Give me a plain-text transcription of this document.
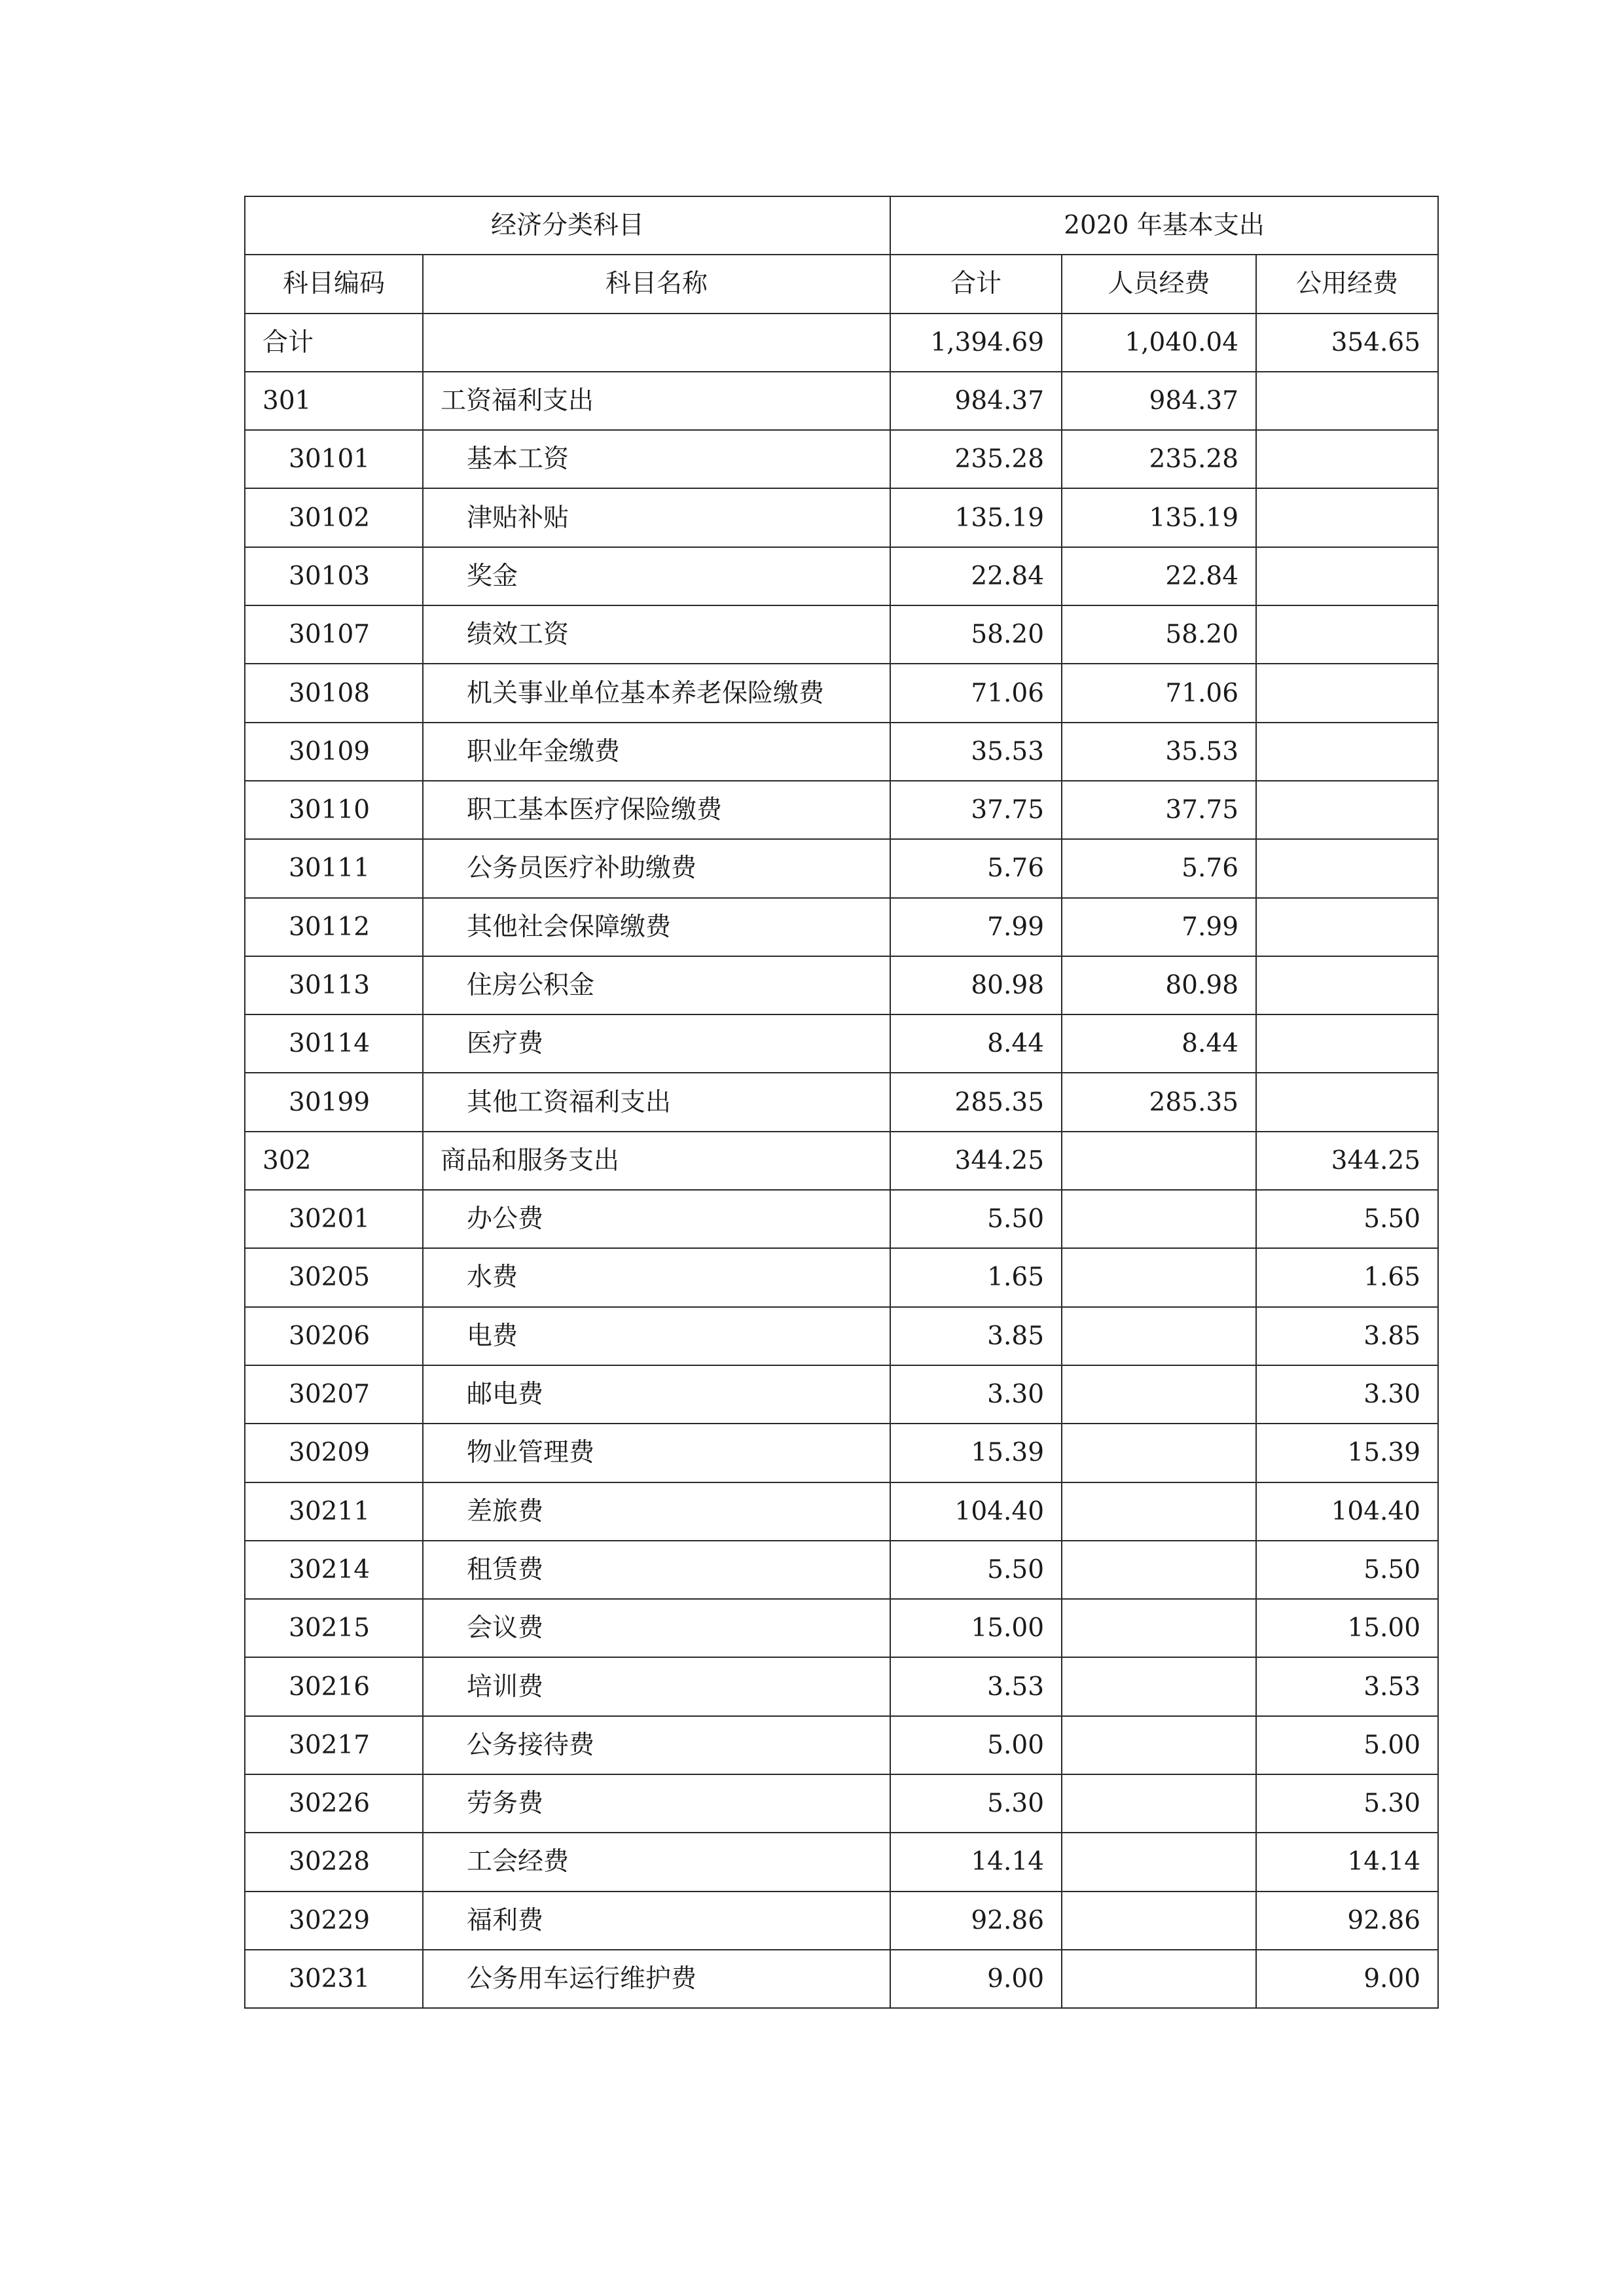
经济分类科目		2020 年基本支出		
科目编码	科目名称	合计	人员经费	公用经费
合计		1,394.69	1,040.04	354.65
301	工资福利支出	984.37	984.37	
30101	基本工资	235.28	235.28	
30102	津贴补贴	135.19	135.19	
30103	奖金	22.84	22.84	
30107	绩效工资	58.20	58.20	
30108	机关事业单位基本养老保险缴费	71.06	71.06	
30109	职业年金缴费	35.53	35.53	
30110	职工基本医疗保险缴费	37.75	37.75	
30111	公务员医疗补助缴费	5.76	5.76	
30112	其他社会保障缴费	7.99	7.99	
30113	住房公积金	80.98	80.98	
30114	医疗费	8.44	8.44	
30199	其他工资福利支出	285.35	285.35	
302	商品和服务支出	344.25		344.25
30201	办公费	5.50		5.50
30205	水费	1.65		1.65
30206	电费	3.85		3.85
30207	邮电费	3.30		3.30
30209	物业管理费	15.39		15.39
30211	差旅费	104.40		104.40
30214	租赁费	5.50		5.50
30215	会议费	15.00		15.00
30216	培训费	3.53		3.53
30217	公务接待费	5.00		5.00
30226	劳务费	5.30		5.30
30228	工会经费	14.14		14.14
30229	福利费	92.86		92.86
30231	公务用车运行维护费	9.00		9.00
